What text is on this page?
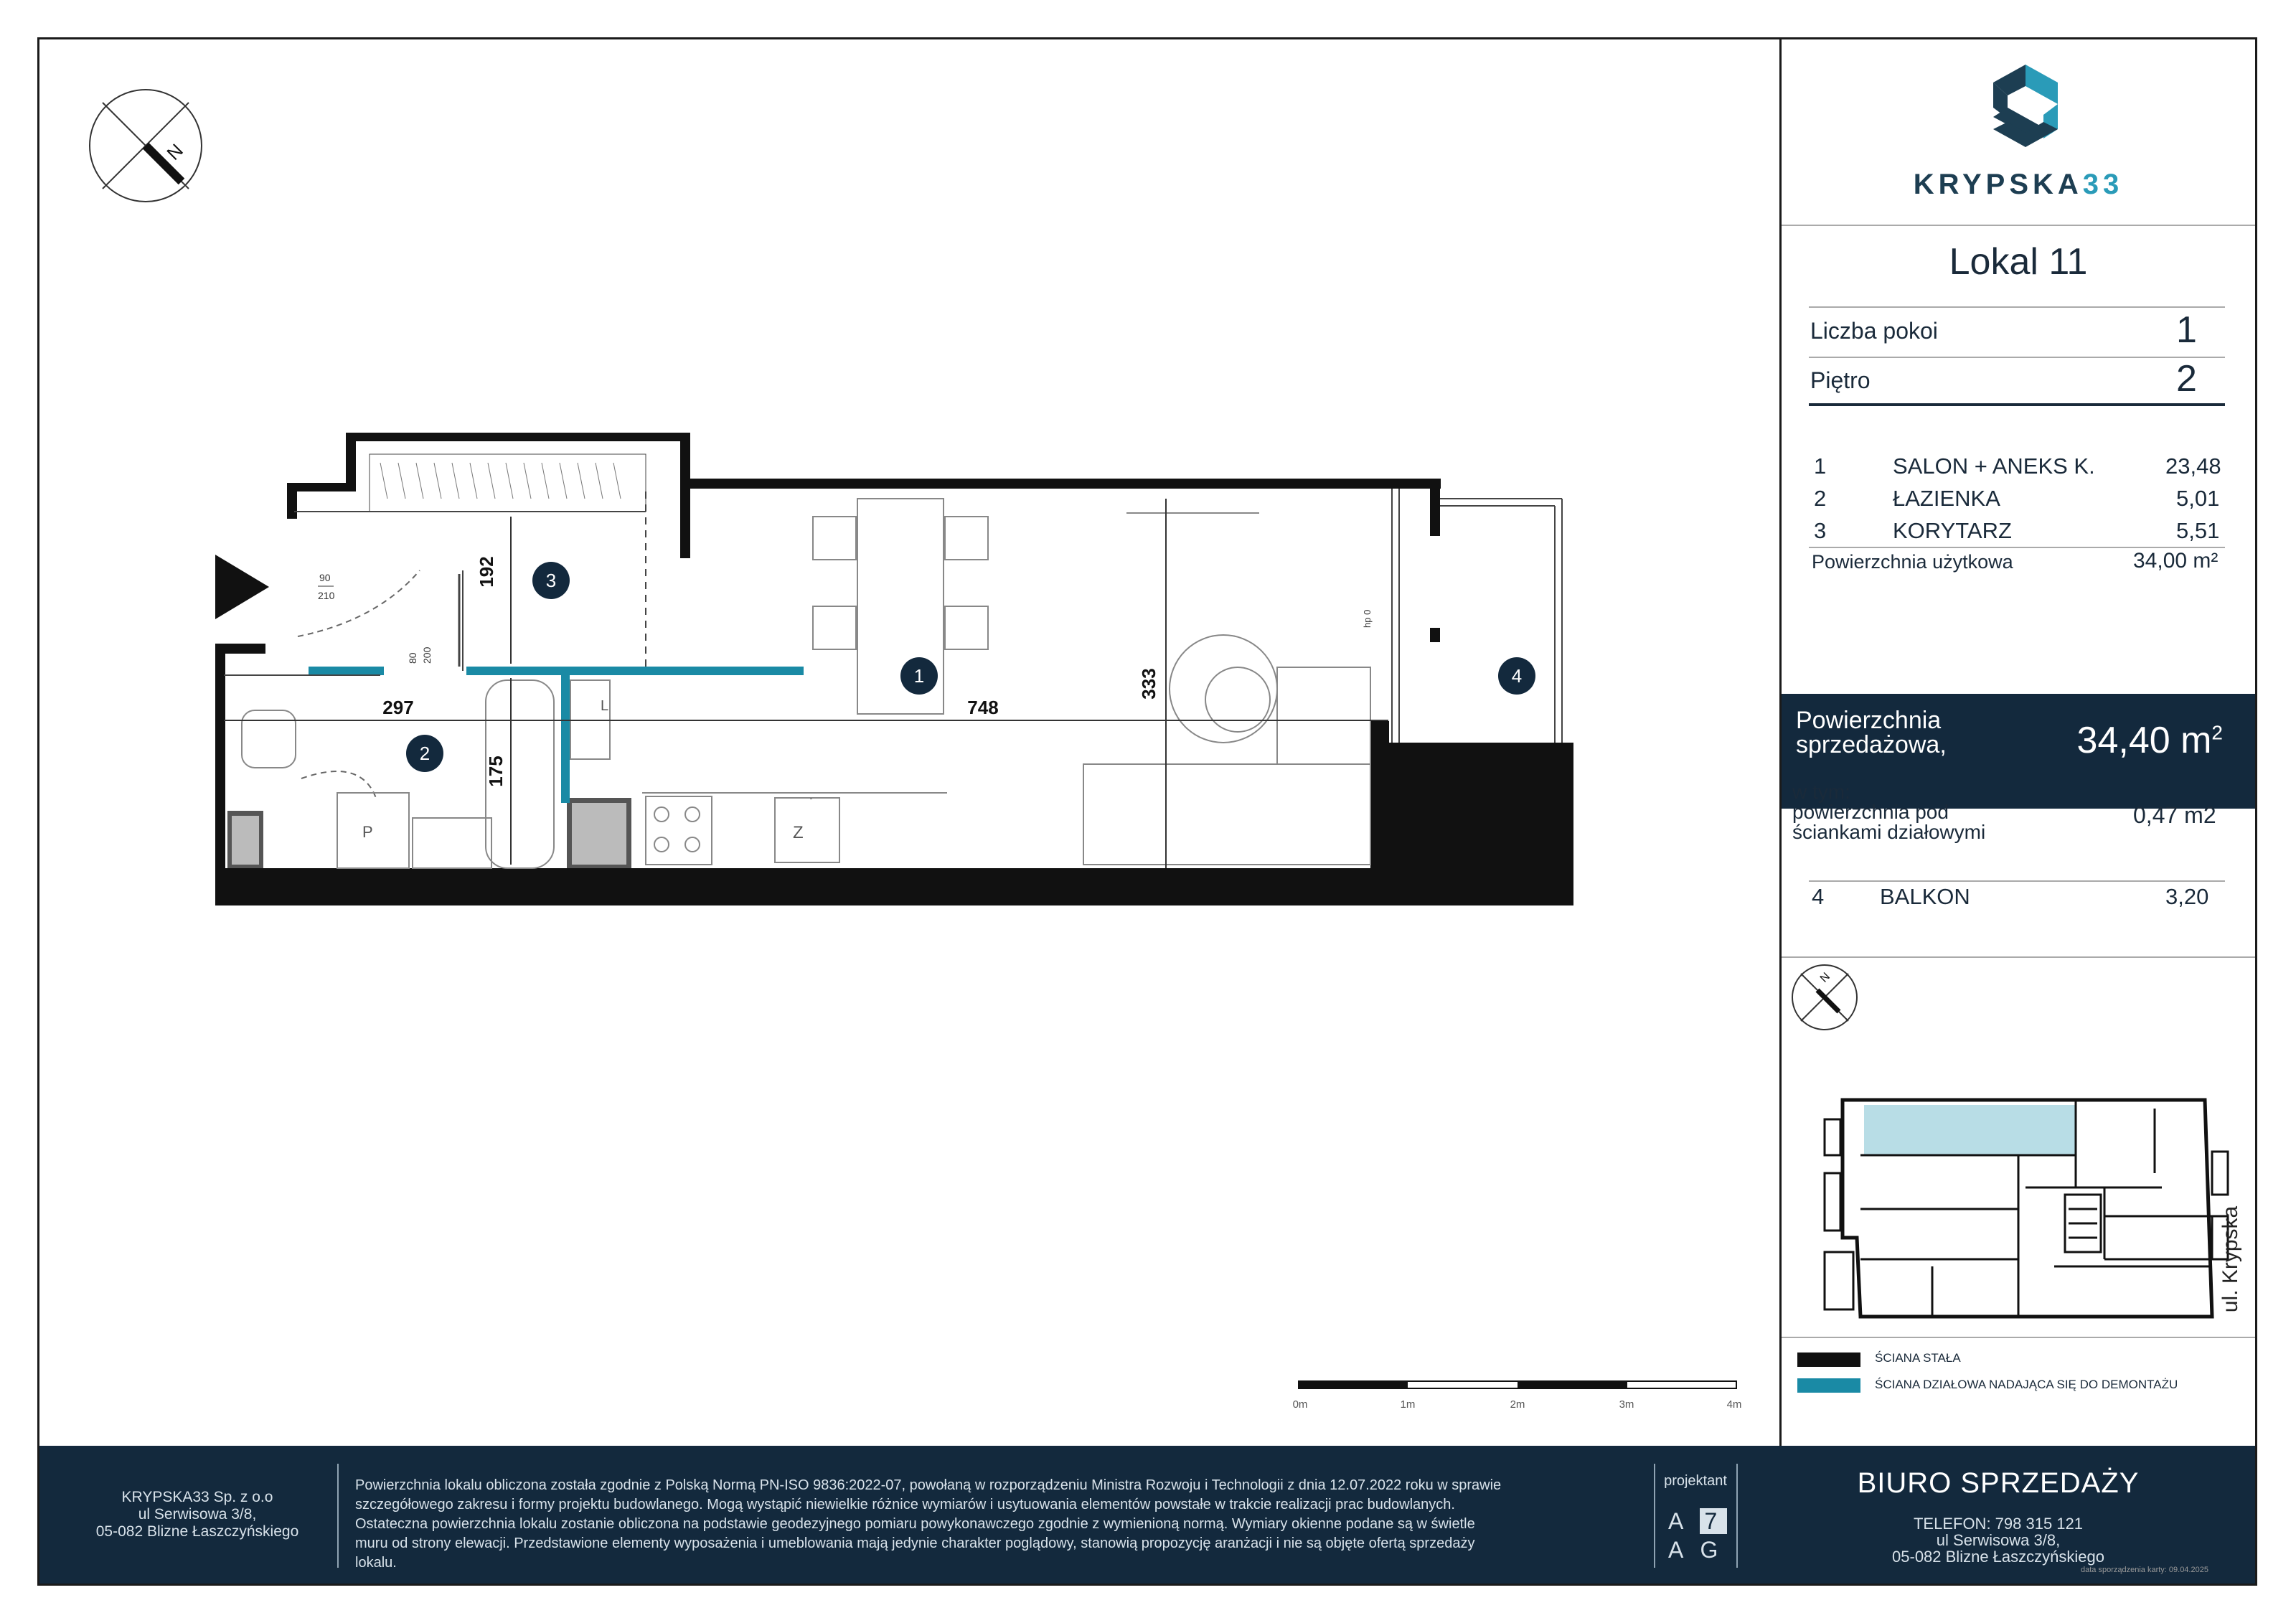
N
90
210
80 200
P
L
Z
hp 0
192
297	748
333
175
1
2
3
4
0m	1m	2m	3m	4m
KRYPSKA33
Lokal 11
Liczba pokoi	1
Piętro	2
1	SALON + ANEKS K.	23,48
2	ŁAZIENKA	5,01
3	KORYTARZ	5,51
Powierzchnia użytkowa	34,00 m²
Powierzchnia
sprzedażowa,	34,40 $m^2$
w tym:
powierzchnia pod
ściankami działowymi
0,47 m2
4	BALKON	3,20
N
ul. Krypska
ŚCIANA STAŁA
ŚCIANA DZIAŁOWA NADAJĄCA SIĘ DO DEMONTAŻU
KRYPSKA33 Sp. z o.o
ul Serwisowa 3/8,
05-082 Blizne Łaszczyńskiego
Powierzchnia lokalu obliczona została zgodnie z Polską Normą PN-ISO 9836:2022-07, powołaną w rozporządzeniu Ministra Rozwoju i Technologii z dnia 12.07.2022 roku w sprawie
szczegółowego zakresu i formy projektu budowlanego. Mogą wystąpić niewielkie różnice wymiarów i usytuowania elementów powstałe w trakcie realizacji prac budowlanych.
Ostateczna powierzchnia lokalu zostanie obliczona na podstawie geodezyjnego pomiaru powykonawczego zgodnie z wymienioną normą. Wymiary okienne podane są w świetle
muru od strony elewacji. Przedstawione elementy wyposażenia i umeblowania mają jedynie charakter poglądowy, stanowią propozycję aranżacji i nie są objęte ofertą sprzedaży
lokalu.
projektant
A 7
A G
BIURO SPRZEDAŻY
TELEFON: 798 315 121
ul Serwisowa 3/8,
05-082 Blizne Łaszczyńskiego
data sporządzenia karty: 09.04.2025
